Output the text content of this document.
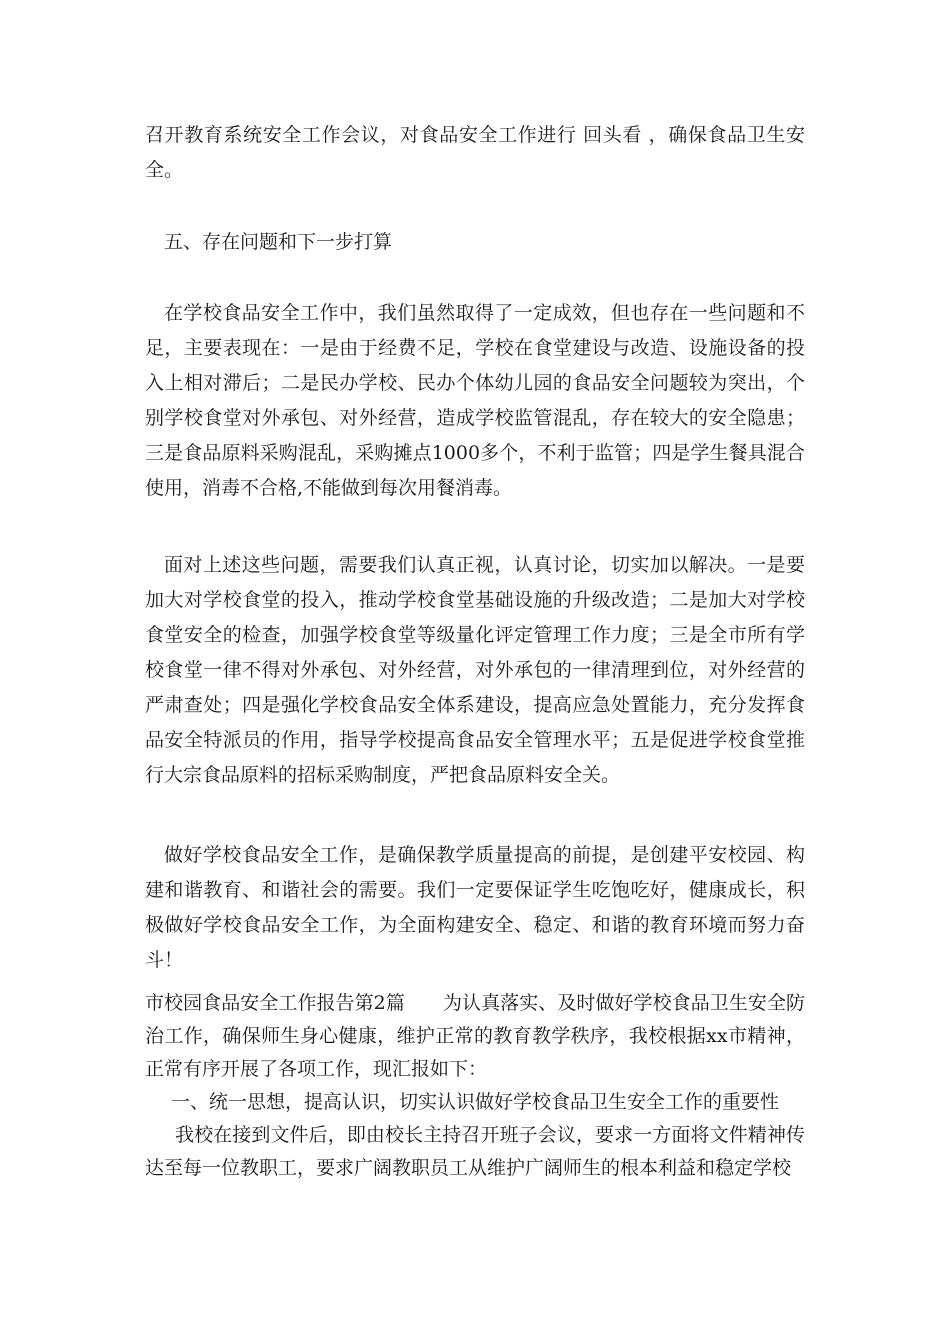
召开教育系统安全工作会议，对食品安全工作进行 回头看 ，确保食品卫生安全。

五、存在问题和下一步打算

在学校食品安全工作中，我们虽然取得了一定成效，但也存在一些问题和不足，主要表现在：一是由于经费不足，学校在食堂建设与改造、设施设备的投入上相对滞后；二是民办学校、民办个体幼儿园的食品安全问题较为突出，个别学校食堂对外承包、对外经营，造成学校监管混乱，存在较大的安全隐患；三是食品原料采购混乱，采购摊点1000多个，不利于监管；四是学生餐具混合使用，消毒不合格,不能做到每次用餐消毒。

面对上述这些问题，需要我们认真正视，认真讨论，切实加以解决。一是要加大对学校食堂的投入，推动学校食堂基础设施的升级改造；二是加大对学校食堂安全的检查，加强学校食堂等级量化评定管理工作力度；三是全市所有学校食堂一律不得对外承包、对外经营，对外承包的一律清理到位，对外经营的严肃查处；四是强化学校食品安全体系建设，提高应急处置能力，充分发挥食品安全特派员的作用，指导学校提高食品安全管理水平；五是促进学校食堂推行大宗食品原料的招标采购制度，严把食品原料安全关。

做好学校食品安全工作，是确保教学质量提高的前提，是创建平安校园、构建和谐教育、和谐社会的需要。我们一定要保证学生吃饱吃好，健康成长，积极做好学校食品安全工作，为全面构建安全、稳定、和谐的教育环境而努力奋斗！

市校园食品安全工作报告第2篇　　为认真落实、及时做好学校食品卫生安全防治工作，确保师生身心健康，维护正常的教育教学秩序，我校根据xx市精神，正常有序开展了各项工作，现汇报如下：

一、统一思想，提高认识，切实认识做好学校食品卫生安全工作的重要性

我校在接到文件后，即由校长主持召开班子会议，要求一方面将文件精神传达至每一位教职工，要求广阔教职员工从维护广阔师生的根本利益和稳定学校
